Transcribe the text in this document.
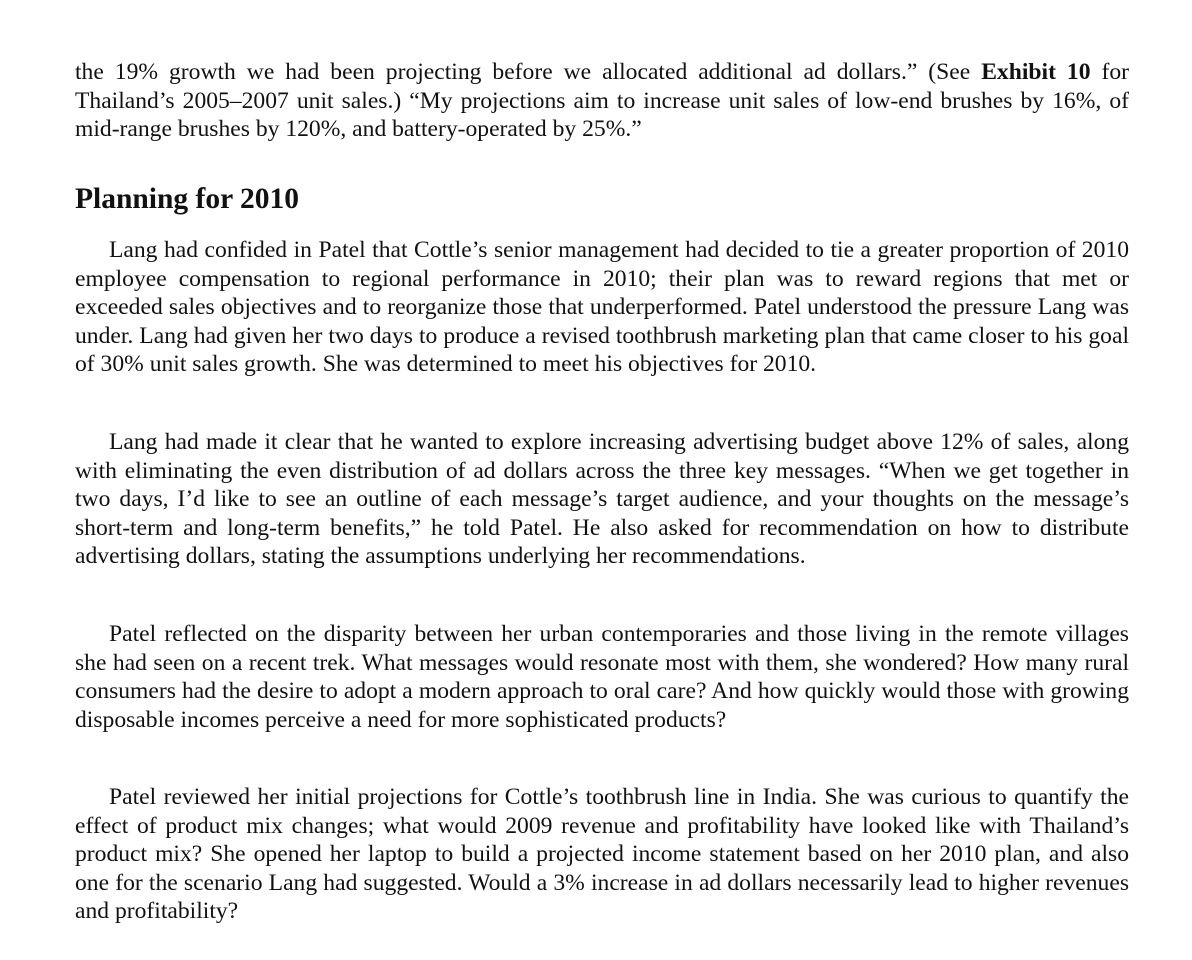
the 19% growth we had been projecting before we allocated additional ad dollars.” (See Exhibit 10 for Thailand’s 2005–2007 unit sales.) “My projections aim to increase unit sales of low-end brushes by 16%, of mid-range brushes by 120%, and battery-operated by 25%.”

Planning for 2010

Lang had confided in Patel that Cottle’s senior management had decided to tie a greater proportion of 2010 employee compensation to regional performance in 2010; their plan was to reward regions that met or exceeded sales objectives and to reorganize those that underperformed. Patel understood the pressure Lang was under. Lang had given her two days to produce a revised toothbrush marketing plan that came closer to his goal of 30% unit sales growth. She was determined to meet his objectives for 2010.

Lang had made it clear that he wanted to explore increasing advertising budget above 12% of sales, along with eliminating the even distribution of ad dollars across the three key messages. “When we get together in two days, I’d like to see an outline of each message’s target audience, and your thoughts on the message’s short-term and long-term benefits,” he told Patel. He also asked for recommendation on how to distribute advertising dollars, stating the assumptions underlying her recommendations.

Patel reflected on the disparity between her urban contemporaries and those living in the remote villages she had seen on a recent trek. What messages would resonate most with them, she wondered? How many rural consumers had the desire to adopt a modern approach to oral care? And how quickly would those with growing disposable incomes perceive a need for more sophisticated products?

Patel reviewed her initial projections for Cottle’s toothbrush line in India. She was curious to quantify the effect of product mix changes; what would 2009 revenue and profitability have looked like with Thailand’s product mix? She opened her laptop to build a projected income statement based on her 2010 plan, and also one for the scenario Lang had suggested. Would a 3% increase in ad dollars necessarily lead to higher revenues and profitability?
